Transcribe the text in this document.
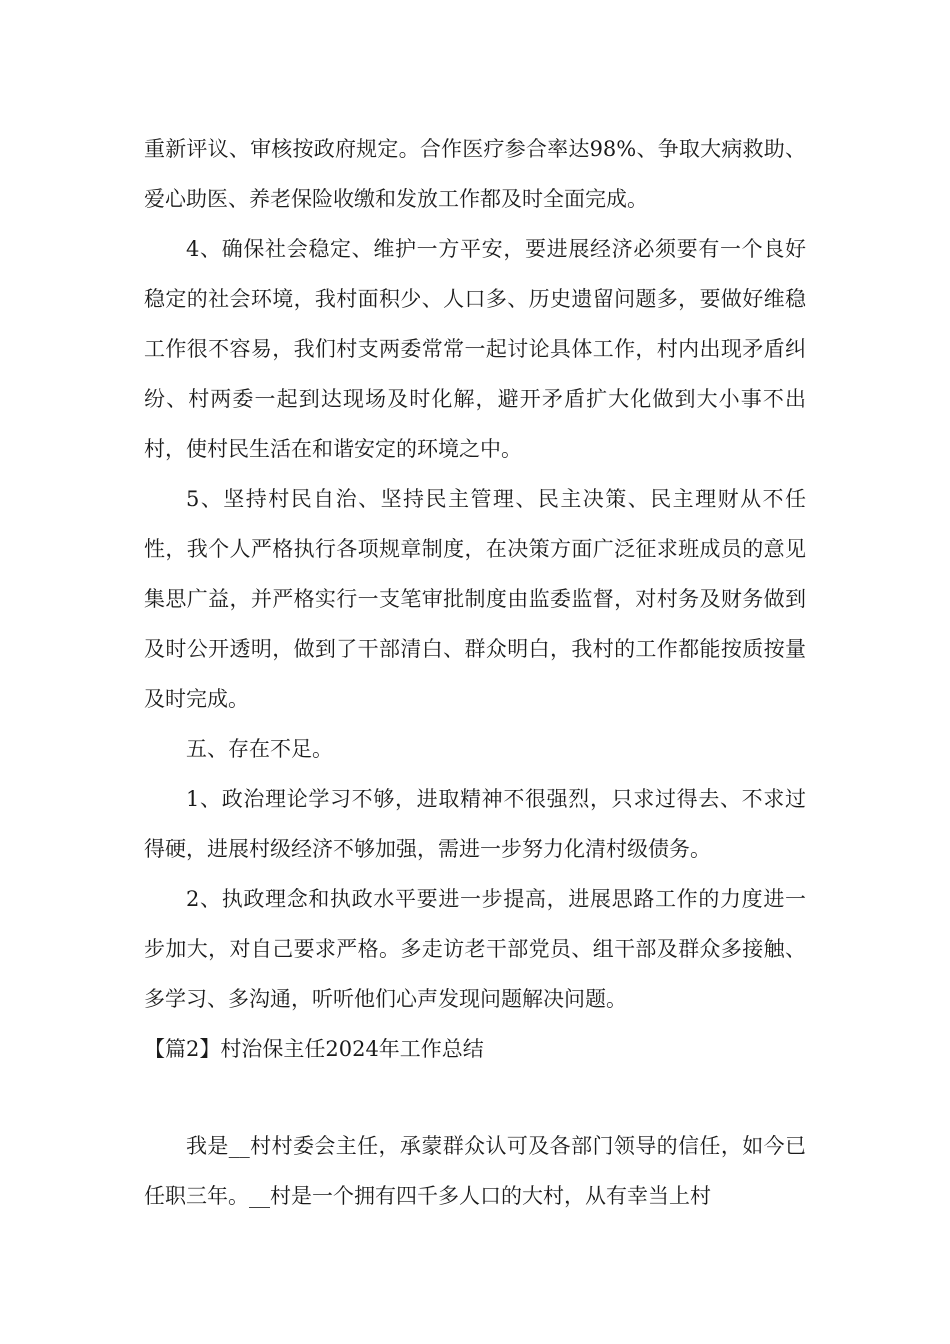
重新评议、审核按政府规定。合作医疗参合率达98%、争取大病救助、爱心助医、养老保险收缴和发放工作都及时全面完成。

4、确保社会稳定、维护一方平安，要进展经济必须要有一个良好稳定的社会环境，我村面积少、人口多、历史遗留问题多，要做好维稳工作很不容易，我们村支两委常常一起讨论具体工作，村内出现矛盾纠纷、村两委一起到达现场及时化解，避开矛盾扩大化做到大小事不出村，使村民生活在和谐安定的环境之中。

5、坚持村民自治、坚持民主管理、民主决策、民主理财从不任性，我个人严格执行各项规章制度，在决策方面广泛征求班成员的意见集思广益，并严格实行一支笔审批制度由监委监督，对村务及财务做到及时公开透明，做到了干部清白、群众明白，我村的工作都能按质按量及时完成。

五、存在不足。

1、政治理论学习不够，进取精神不很强烈，只求过得去、不求过得硬，进展村级经济不够加强，需进一步努力化清村级债务。

2、执政理念和执政水平要进一步提高，进展思路工作的力度进一步加大，对自己要求严格。多走访老干部党员、组干部及群众多接触、多学习、多沟通，听听他们心声发现问题解决问题。

【篇2】村治保主任2024年工作总结

我是__村村委会主任，承蒙群众认可及各部门领导的信任，如今已任职三年。__村是一个拥有四千多人口的大村，从有幸当上村
